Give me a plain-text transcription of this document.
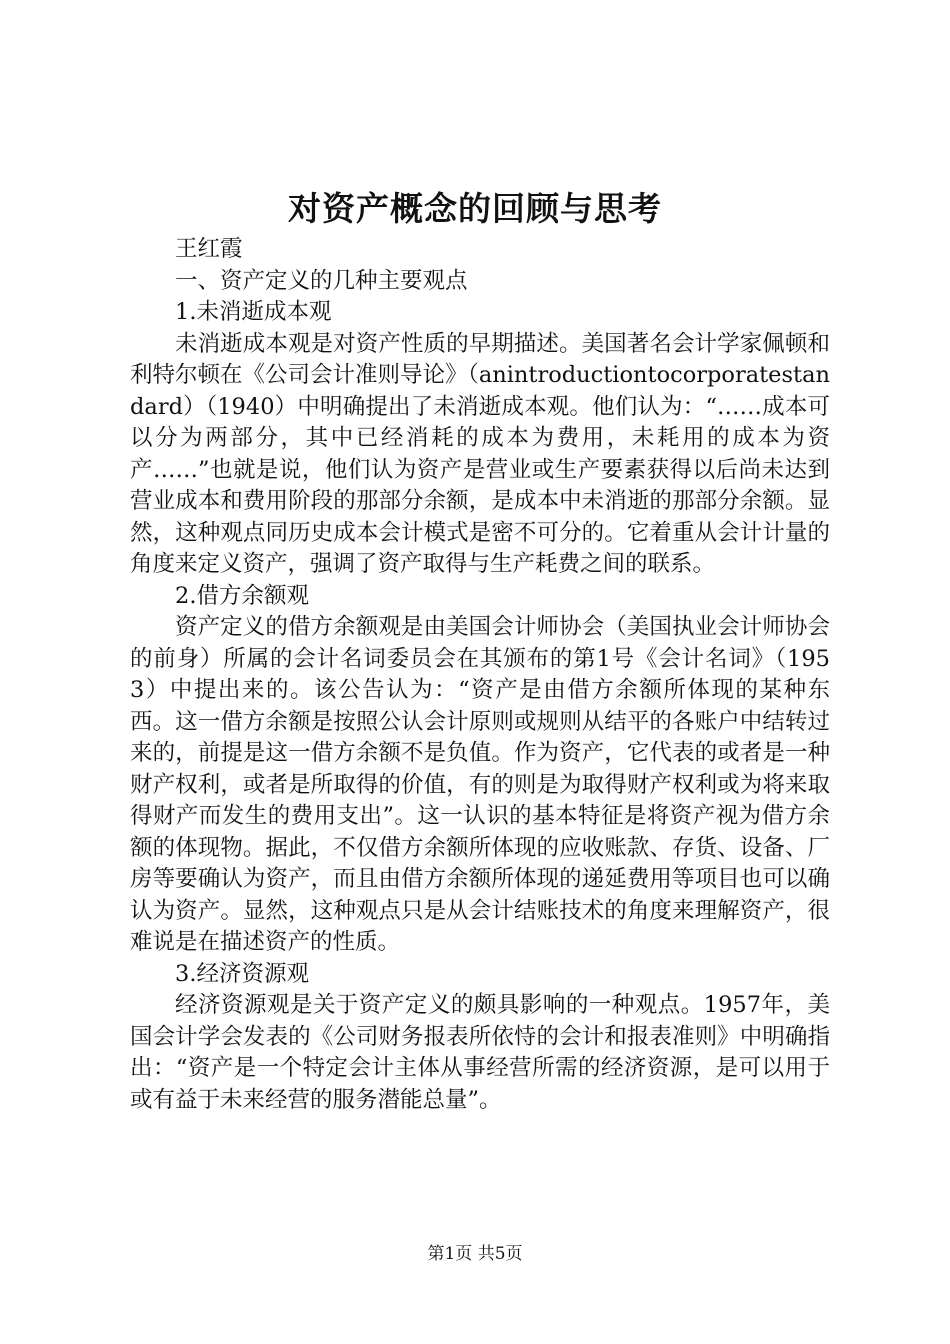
对资产概念的回顾与思考

王红霞

一、资产定义的几种主要观点

1.未消逝成本观

未消逝成本观是对资产性质的早期描述。美国著名会计学家佩顿和利特尔顿在《公司会计准则导论》（anintroductiontocorporatestandard）（1940）中明确提出了未消逝成本观。他们认为：“……成本可以分为两部分，其中已经消耗的成本为费用，未耗用的成本为资产……”也就是说，他们认为资产是营业或生产要素获得以后尚未达到营业成本和费用阶段的那部分余额，是成本中未消逝的那部分余额。显然，这种观点同历史成本会计模式是密不可分的。它着重从会计计量的角度来定义资产，强调了资产取得与生产耗费之间的联系。

2.借方余额观

资产定义的借方余额观是由美国会计师协会（美国执业会计师协会的前身）所属的会计名词委员会在其颁布的第1号《会计名词》（1953）中提出来的。该公告认为：“资产是由借方余额所体现的某种东西。这一借方余额是按照公认会计原则或规则从结平的各账户中结转过来的，前提是这一借方余额不是负值。作为资产，它代表的或者是一种财产权利，或者是所取得的价值，有的则是为取得财产权利或为将来取得财产而发生的费用支出”。这一认识的基本特征是将资产视为借方余额的体现物。据此，不仅借方余额所体现的应收账款、存货、设备、厂房等要确认为资产，而且由借方余额所体现的递延费用等项目也可以确认为资产。显然，这种观点只是从会计结账技术的角度来理解资产，很难说是在描述资产的性质。

3.经济资源观

经济资源观是关于资产定义的颇具影响的一种观点。1957年，美国会计学会发表的《公司财务报表所依恃的会计和报表准则》中明确指出：“资产是一个特定会计主体从事经营所需的经济资源，是可以用于或有益于未来经营的服务潜能总量”。

第1页 共5页
